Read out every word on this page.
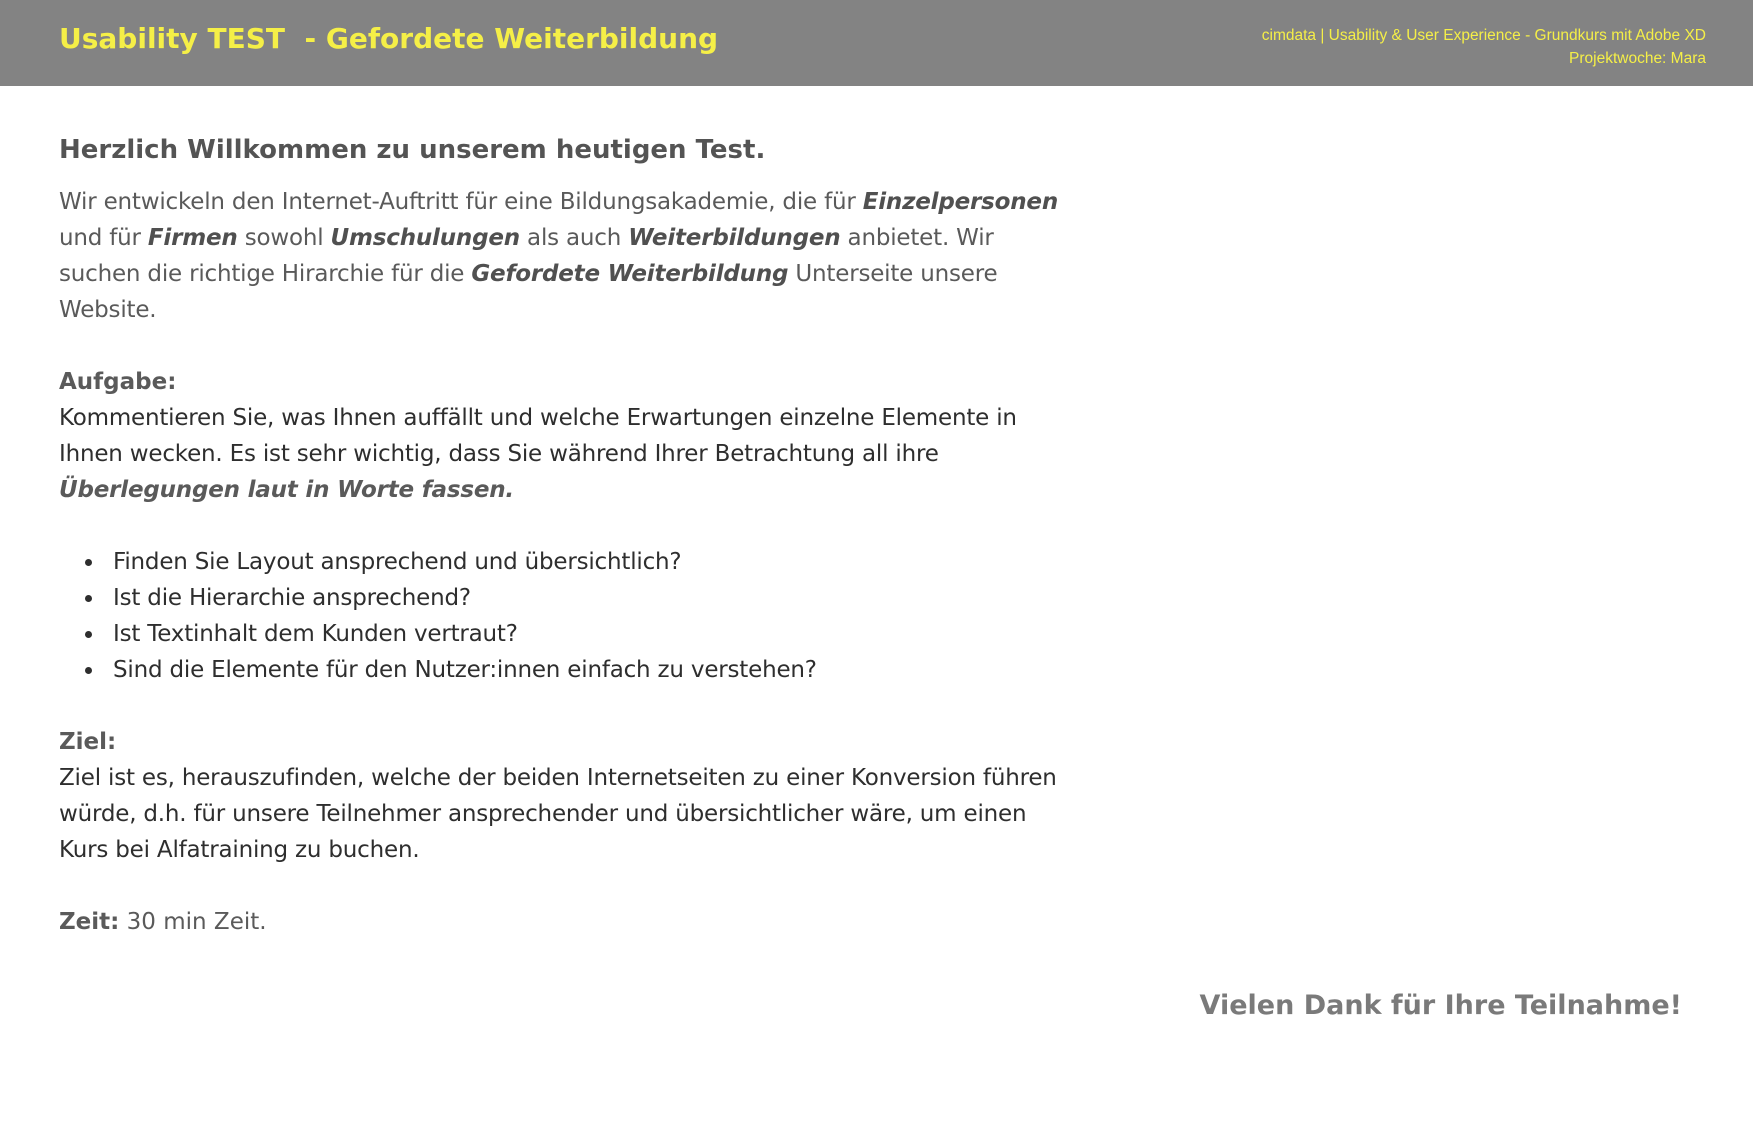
Usability TEST  - Gefordete Weiterbildung	cimdata | Usability & User Experience - Grundkurs mit Adobe XD
Projektwoche: Mara
Herzlich Willkommen zu unserem heutigen Test.

Wir entwickeln den Internet-Auftritt für eine Bildungsakademie, die für Einzelpersonen und für Firmen sowohl Umschulungen als auch Weiterbildungen anbietet. Wir suchen die richtige Hirarchie für die Gefordete Weiterbildung Unterseite unsere Website.

Aufgabe:

Kommentieren Sie, was Ihnen auffällt und welche Erwartungen einzelne Elemente in Ihnen wecken. Es ist sehr wichtig, dass Sie während Ihrer Betrachtung all ihre Überlegungen laut in Worte fassen.

Finden Sie Layout ansprechend und übersichtlich?
Ist die Hierarchie ansprechend?
Ist Textinhalt dem Kunden vertraut?
Sind die Elemente für den Nutzer:innen einfach zu verstehen?

Ziel:

Ziel ist es, herauszufinden, welche der beiden Internetseiten zu einer Konversion führen würde, d.h. für unsere Teilnehmer ansprechender und übersichtlicher wäre, um einen Kurs bei Alfatraining zu buchen.

Zeit: 30 min Zeit.

Vielen Dank für Ihre Teilnahme!
